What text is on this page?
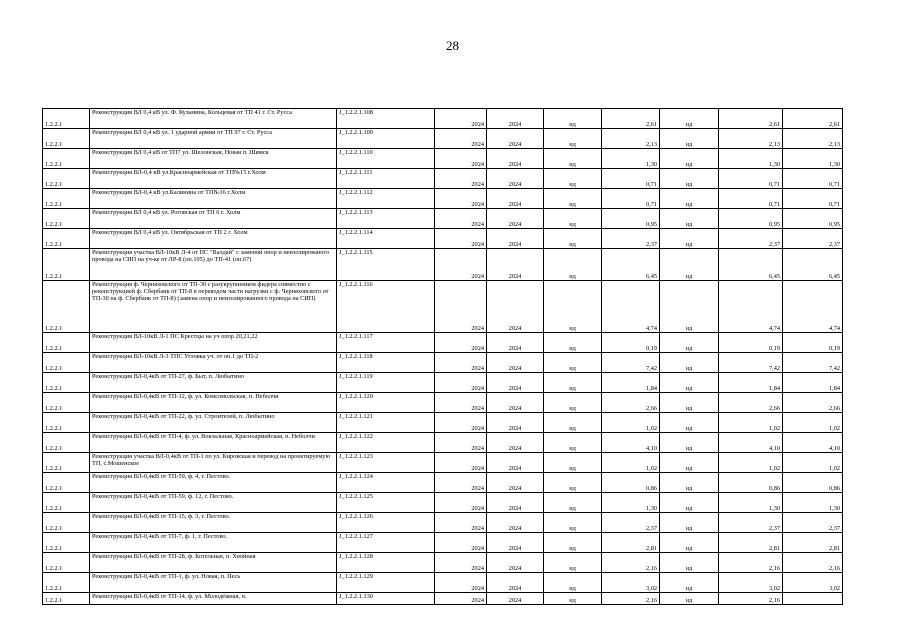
28
1.2.2.1	Реконструкция ВЛ 0,4 кВ ул. Ф. Кузьмина, Кольцевая от ТП 41 г. Ст. Русса	J_1.2.2.1.108	2024	2024	нд	2,61	нд	2,61	2,61
1.2.2.1	Реконструкция ВЛ 0,4 кВ ул. 1 ударной армии от ТП 97 г. Ст. Русса	J_1.2.2.1.109	2024	2024	нд	2,13	нд	2,13	2,13
1.2.2.1	Реконструкция ВЛ 0,4 кВ от ТП7 ул. Шелонская, Новая п. Шимск	J_1.2.2.1.110	2024	2024	нд	1,30	нд	1,30	1,30
1.2.2.1	Реконструкция ВЛ-0,4 кВ ул.Красноармейская от ТП№15 г.Холм	J_1.2.2.1.111	2024	2024	нд	0,71	нд	0,71	0,71
1.2.2.1	Реконструкция ВЛ-0,4 кВ ул.Калинина от ТП№16 г.Холм	J_1.2.2.1.112	2024	2024	нд	0,71	нд	0,71	0,71
1.2.2.1	Реконструкция ВЛ 0,4 кВ ул. Роговская от ТП 6 г. Холм	J_1.2.2.1.113	2024	2024	нд	0,95	нд	0,95	0,95
1.2.2.1	Реконструкция ВЛ 0,4 кВ ул. Октябрьская от ТП 2 г. Холм	J_1.2.2.1.114	2024	2024	нд	2,37	нд	2,37	2,37
1.2.2.1	Реконструкция участка ВЛ-10кВ Л-4 от ПС "Валдай" с заменой опор и неизолированого провода на СИП на уч-ке от ЛР-8 (оп.105) до ТП-41 (оп.67)	J_1.2.2.1.115	2024	2024	нд	6,45	нд	6,45	6,45
1.2.2.1	Реконструкция ф. Черняховского от ТП-30 с разукрупнением фидера совместно с реконструкцией ф. Сбербанк от ТП-8 в переводом части нагрузки с ф. Черняховского от ТП-30 на ф. Сбербанк от ТП-8) (замена опор и неизолированного провода на СИП)	J_1.2.2.1.116	2024	2024	нд	4,74	нд	4,74	4,74
1.2.2.1	Реконструкция ВЛ-10кВ Л-1 ПС Крестцы на уч опор 20,21,22	J_1.2.2.1.117	2024	2024	нд	0,19	нд	0,19	0,19
1.2.2.1	Реконструкция ВЛ-10кВ Л-3 ТПС Угловка уч. от оп.1 до ТП-2	J_1.2.2.1.118	2024	2024	нд	7,42	нд	7,42	7,42
1.2.2.1	Реконструкция ВЛ-0,4кВ от ТП-27, ф. Быт, п. Любытино	J_1.2.2.1.119	2024	2024	нд	1,84	нд	1,84	1,84
1.2.2.1	Реконструкция ВЛ-0,4кВ от ТП-12, ф. ул. Комсомольская, п. Неболчи	J_1.2.2.1.120	2024	2024	нд	2,66	нд	2,66	2,66
1.2.2.1	Реконструкция ВЛ-0,4кВ от ТП-22, ф. ул. Строителей, п. Любытино	J_1.2.2.1.121	2024	2024	нд	1,02	нд	1,02	1,02
1.2.2.1	Реконструкция ВЛ-0,4кВ от ТП-4, ф. ул. Вокзальная, Красноармейская, п. Неболчи	J_1.2.2.1.122	2024	2024	нд	4,10	нд	4,10	4,10
1.2.2.1	Реконструкция участка ВЛ-0,4кВ от ТП-1 по ул. Кировская и перевод на проектируемую ТП, с.Мошенское	J_1.2.2.1.123	2024	2024	нд	1,02	нд	1,02	1,02
1.2.2.1	Реконструкция ВЛ-0,4кВ от ТП-59, ф. 4, г. Пестово.	J_1.2.2.1.124	2024	2024	нд	0,86	нд	0,86	0,86
1.2.2.1	Реконструкция ВЛ-0,4кВ от ТП-59, ф. 12, г. Пестово.	J_1.2.2.1.125	2024	2024	нд	1,30	нд	1,30	1,30
1.2.2.1	Реконструкция ВЛ-0,4кВ от ТП-15, ф. 3, г. Пестово.	J_1.2.2.1.126	2024	2024	нд	2,37	нд	2,37	2,37
1.2.2.1	Реконструкция ВЛ-0,4кВ от ТП-7, ф. 1, г. Пестово.	J_1.2.2.1.127	2024	2024	нд	2,81	нд	2,81	2,81
1.2.2.1	Реконструкция ВЛ-0,4кВ от ТП-28, ф. Котельная, п. Хвойная	J_1.2.2.1.128	2024	2024	нд	2,16	нд	2,16	2,16
1.2.2.1	Реконструкция ВЛ-0,4кВ от ТП-1, ф. ул. Новая, п. Песь	J_1.2.2.1.129	2024	2024	нд	3,02	нд	3,02	3,02
1.2.2.1	Реконструкция ВЛ-0,4кВ от ТП-14, ф. ул. Молодёжная, п.	J_1.2.2.1.130	2024	2024	нд	2,16	нд	2,16	
